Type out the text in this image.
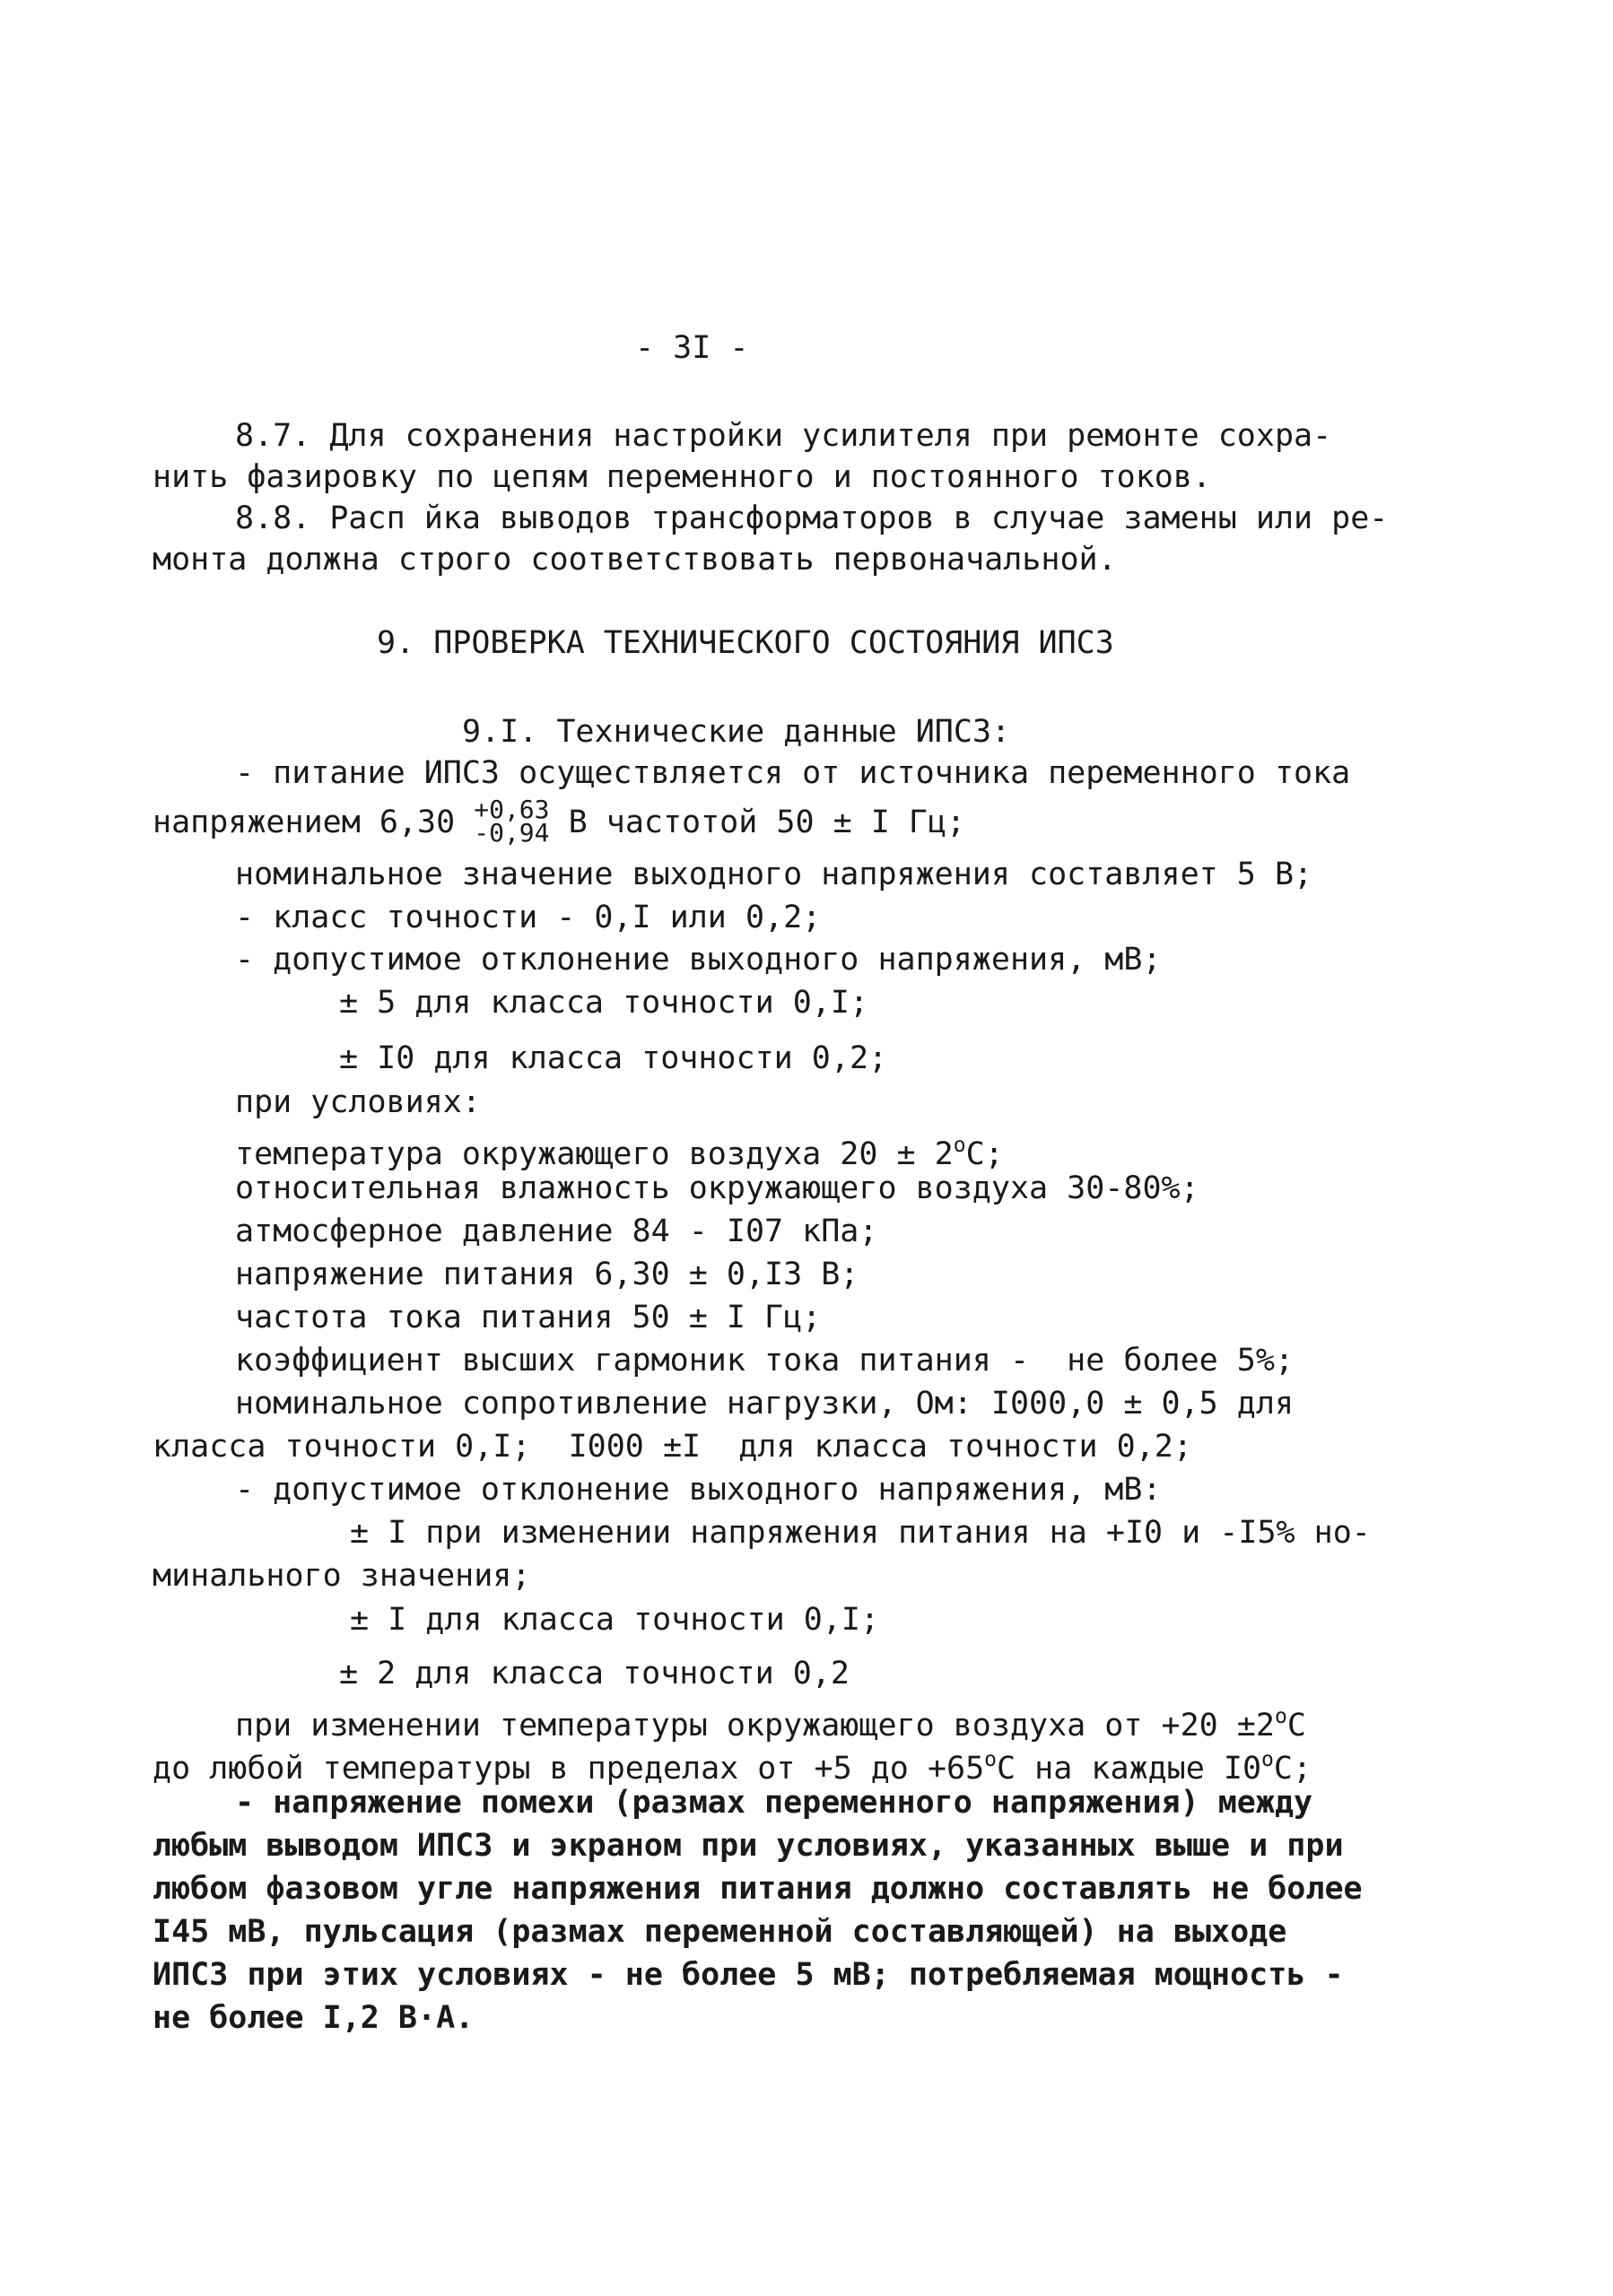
- 3I -

8.7. Для сохранения настройки усилителя при ремонте сохра-

нить фазировку по цепям переменного и постоянного токов.

8.8. Расп йка выводов трансформаторов в случае замены или ре-

монта должна строго соответствовать первоначальной.

9. ПРОВЕРКА ТЕХНИЧЕСКОГО СОСТОЯНИЯ ИПСЗ

9.I. Технические данные ИПСЗ:

- питание ИПСЗ осуществляется от источника переменного тока

напряжением 6,30 +0,63
-0,94 В частотой 50 ± I Гц;

номинальное значение выходного напряжения составляет 5 В;

- класс точности - 0,I или 0,2;

- допустимое отклонение выходного напряжения, мВ;

± 5 для класса точности 0,I;

± I0 для класса точности 0,2;

при условиях:

температура окружающего воздуха $20 \pm 2^оС$;

относительная влажность окружающего воздуха 30-80%;

атмосферное давление 84 - I07 кПа;

напряжение питания 6,30 ± 0,I3 В;

частота тока питания 50 ± I Гц;

коэффициент высших гармоник тока питания -  не более 5%;

номинальное сопротивление нагрузки, Ом: I000,0 ± 0,5 для

класса точности 0,I;  I000 ±I  для класса точности 0,2;

- допустимое отклонение выходного напряжения, мВ:

± I при изменении напряжения питания на +I0 и -I5% но-

минального значения;

± I для класса точности 0,I;

± 2 для класса точности 0,2

при изменении температуры окружающего воздуха от $+20 \pm 2^оС$

до любой температуры в пределах от +5 до $+65^оС$ на каждые $I0^оС$;

- напряжение помехи (размах переменного напряжения) между

любым выводом ИПСЗ и экраном при условиях, указанных выше и при

любом фазовом угле напряжения питания должно составлять не более

I45 мВ, пульсация (размах переменной составляющей) на выходе

ИПСЗ при этих условиях - не более 5 мВ; потребляемая мощность -

не более I,2 В·А.
